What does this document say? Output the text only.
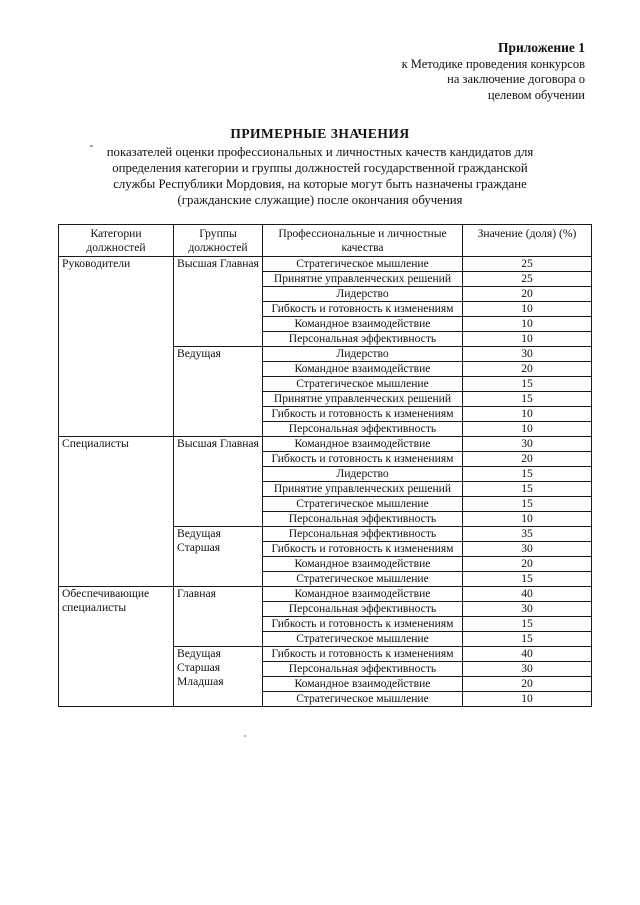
Приложение 1
к Методике проведения конкурсов
на заключение договора о
целевом обучении
ПРИМЕРНЫЕ ЗНАЧЕНИЯ
показателей оценки профессиональных и личностных качеств кандидатов для
определения категории и группы должностей государственной гражданской
службы Республики Мордовия, на которые могут быть назначены граждане
(гражданские служащие) после окончания обучения
Категории должностей	Группы должностей	Профессиональные и личностные качества	Значение (доля) (%)
Руководители	Высшая Главная	Стратегическое мышление	25
		Принятие управленческих решений	25
		Лидерство	20
		Гибкость и готовность к изменениям	10
		Командное взаимодействие	10
		Персональная эффективность	10
	Ведущая	Лидерство	30
		Командное взаимодействие	20
		Стратегическое мышление	15
		Принятие управленческих решений	15
		Гибкость и готовность к изменениям	10
		Персональная эффективность	10
Специалисты	Высшая Главная	Командное взаимодействие	30
		Гибкость и готовность к изменениям	20
		Лидерство	15
		Принятие управленческих решений	15
		Стратегическое мышление	15
		Персональная эффективность	10
	Ведущая Старшая	Персональная эффективность	35
		Гибкость и готовность к изменениям	30
		Командное взаимодействие	20
		Стратегическое мышление	15
Обеспечивающие специалисты	Главная	Командное взаимодействие	40
		Персональная эффективность	30
		Гибкость и готовность к изменениям	15
		Стратегическое мышление	15
	Ведущая Старшая Младшая	Гибкость и готовность к изменениям	40
		Персональная эффективность	30
		Командное взаимодействие	20
		Стратегическое мышление	10
